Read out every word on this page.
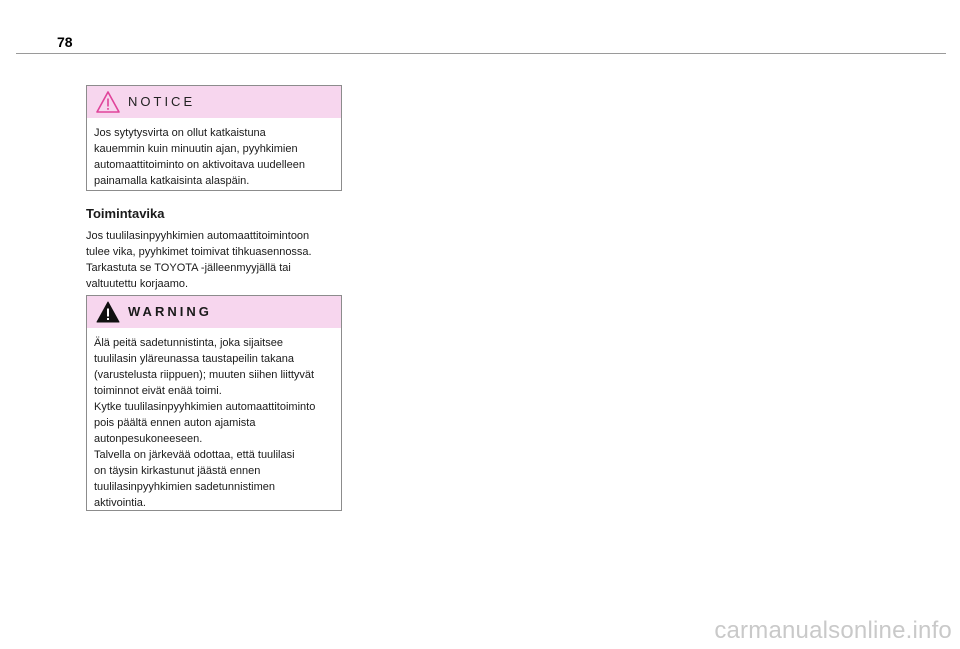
78
NOTICE

Jos sytytysvirta on ollut katkaistuna
kauemmin kuin minuutin ajan, pyyhkimien
automaattitoiminto on aktivoitava uudelleen
painamalla katkaisinta alaspäin.

Toimintavika

Jos tuulilasinpyyhkimien automaattitoimintoon
tulee vika, pyyhkimet toimivat tihkuasennossa.
Tarkastuta se TOYOTA -jälleenmyyjällä tai
valtuutettu korjaamo.

WARNING

Älä peitä sadetunnistinta, joka sijaitsee
tuulilasin yläreunassa taustapeilin takana
(varustelusta riippuen); muuten siihen liittyvät
toiminnot eivät enää toimi.
Kytke tuulilasinpyyhkimien automaattitoiminto
pois päältä ennen auton ajamista
autonpesukoneeseen.
Talvella on järkevää odottaa, että tuulilasi
on täysin kirkastunut jäästä ennen
tuulilasinpyyhkimien sadetunnistimen
aktivointia.

carmanualsonline.info
